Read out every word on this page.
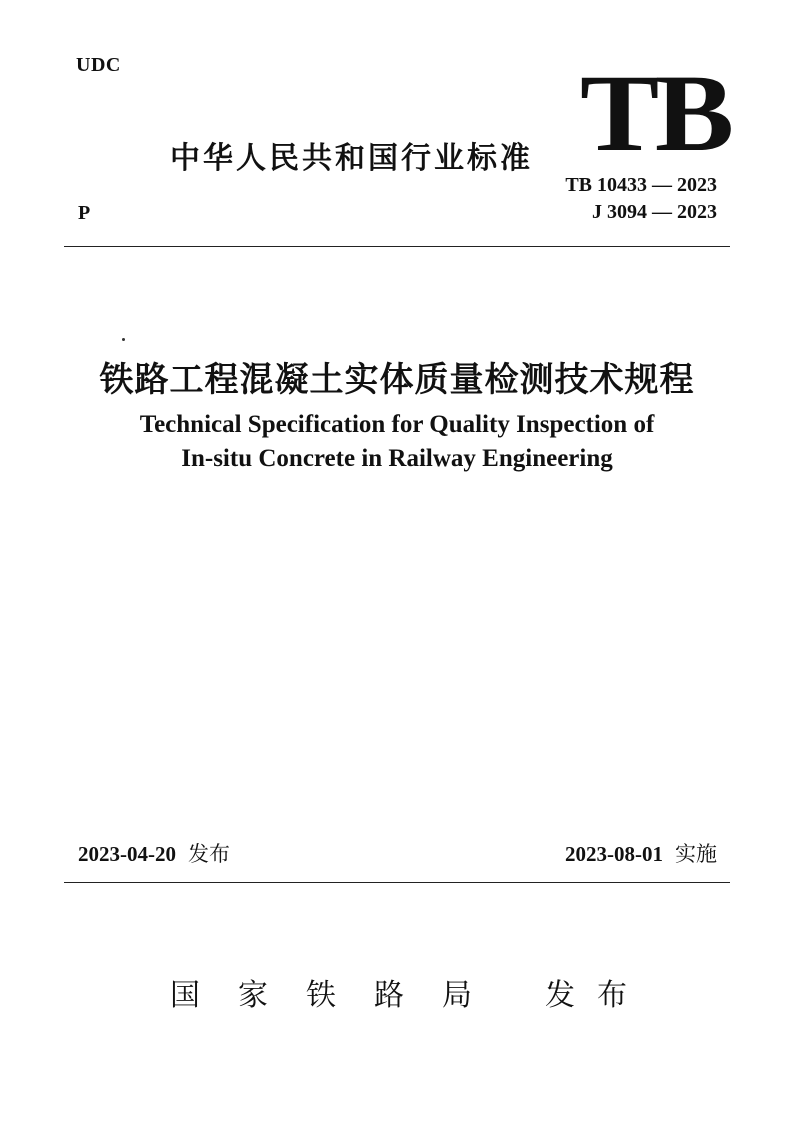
UDC
中华人民共和国行业标准 TB
TB 10433 — 2023
J 3094 — 2023
P
铁路工程混凝土实体质量检测技术规程
Technical Specification for Quality Inspection of
In-situ Concrete in Railway Engineering
2023-04-20 发布	2023-08-01 实施
国家铁路局 发布
